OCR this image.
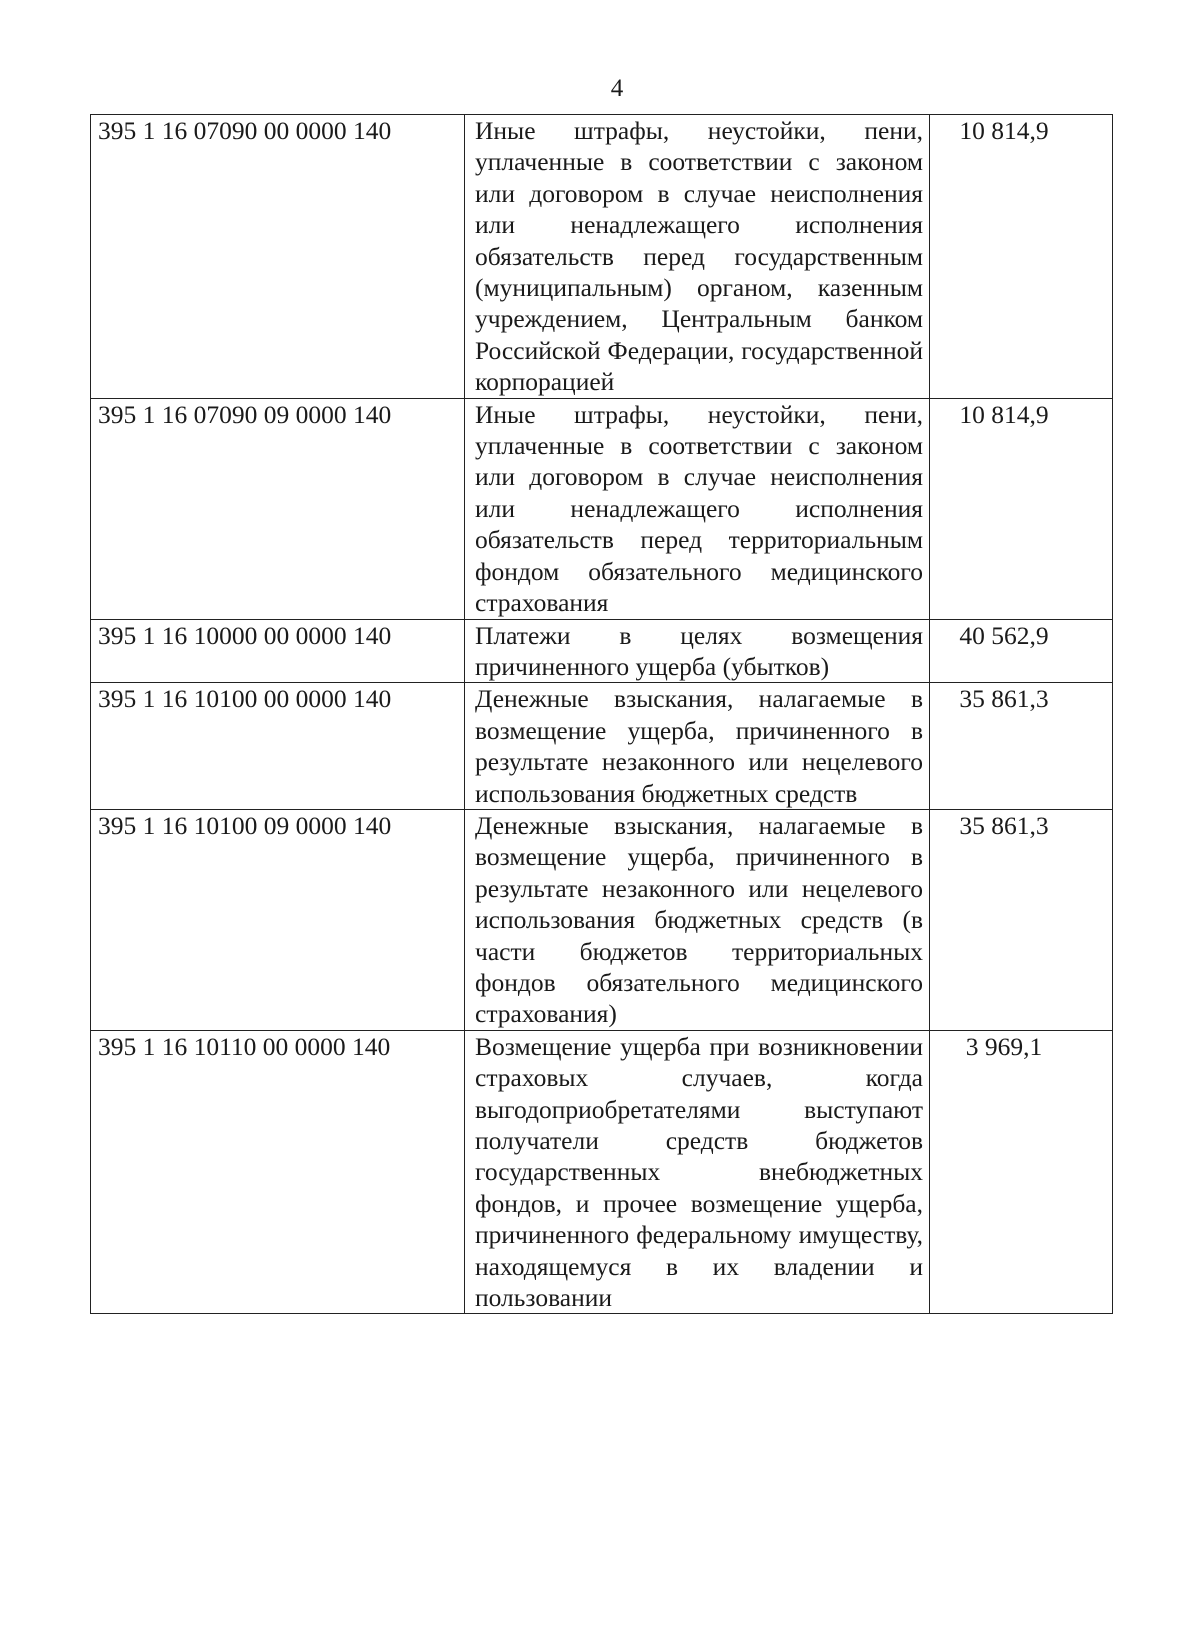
4
395 1 16 07090 00 0000 140	Иные штрафы, неустойки, пени, уплаченные в соответствии с законом или договором в случае неисполнения или ненадлежащего исполнения обязательств перед государственным (муниципальным) органом, казенным учреждением, Центральным банком Российской Федерации, государственной корпорацией	10 814,9
395 1 16 07090 09 0000 140	Иные штрафы, неустойки, пени, уплаченные в соответствии с законом или договором в случае неисполнения или ненадлежащего исполнения обязательств перед территориальным фондом обязательного медицинского страхования	10 814,9
395 1 16 10000 00 0000 140	Платежи в целях возмещения причиненного ущерба (убытков)	40 562,9
395 1 16 10100 00 0000 140	Денежные взыскания, налагаемые в возмещение ущерба, причиненного в результате незаконного или нецелевого использования бюджетных средств	35 861,3
395 1 16 10100 09 0000 140	Денежные взыскания, налагаемые в возмещение ущерба, причиненного в результате незаконного или нецелевого использования бюджетных средств (в части бюджетов территориальных фондов обязательного медицинского страхования)	35 861,3
395 1 16 10110 00 0000 140	Возмещение ущерба при возникновении страховых случаев, когда выгодоприобретателями выступают получатели средств бюджетов государственных внебюджетных фондов, и прочее возмещение ущерба, причиненного федеральному имуществу, находящемуся в их владении и пользовании	3 969,1
